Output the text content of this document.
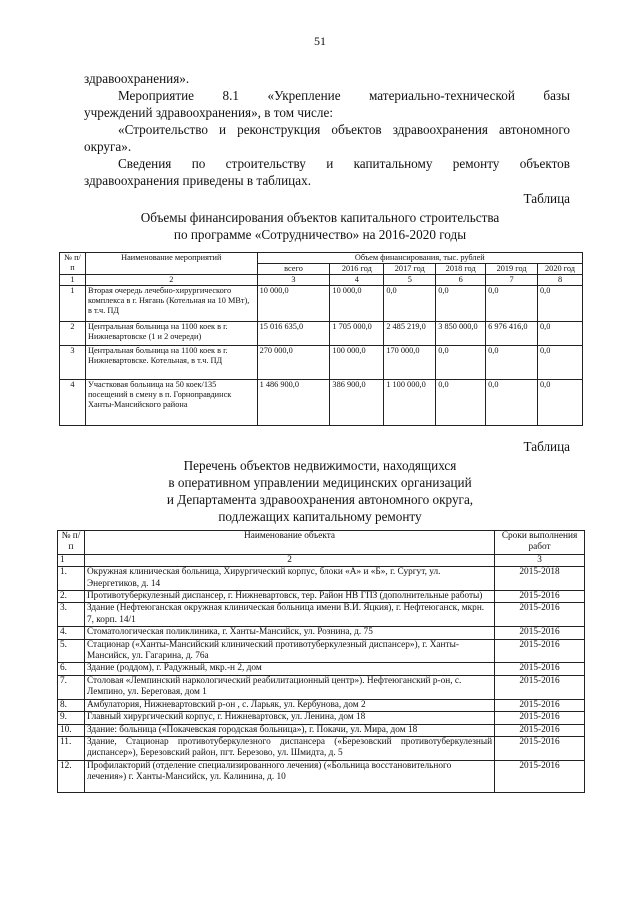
51
здравоохранения».
Мероприятие 8.1 «Укрепление материально-технической базы
учреждений здравоохранения», в том числе:
«Строительство и реконструкция объектов здравоохранения автономного
округа».
Сведения по строительству и капитальному ремонту объектов
здравоохранения приведены в таблицах.
Таблица
Объемы финансирования объектов капитального строительства
по программе «Сотрудничество» на 2016-2020 годы
№ п/п	Наименование мероприятий	Объем финансирования, тыс. рублей					
		всего	2016 год	2017 год	2018 год	2019 год	2020 год
1	2	3	4	5	6	7	8
1	Вторая очередь лечебно-хирургического комплекса в г. Нягань (Котельная на 10 МВт), в т.ч. ПД	10 000,0	10 000,0	0,0	0,0	0,0	0,0
2	Центральная больница на 1100 коек в г. Нижневартовске (1 и 2 очереди)	15 016 635,0	1 705 000,0	2 485 219,0	3 850 000,0	6 976 416,0	0,0
3	Центральная больница на 1100 коек в г. Нижневартовске. Котельная, в т.ч. ПД	270 000,0	100 000,0	170 000,0	0,0	0,0	0,0
4	Участковая больница на 50 коек/135 посещений в смену в п. Горноправдинск Ханты-Мансийского района	1 486 900,0	386 900,0	1 100 000,0	0,0	0,0	0,0
Таблица
Перечень объектов недвижимости, находящихся
в оперативном управлении медицинских организаций
и Департамента здравоохранения автономного округа,
подлежащих капитальному ремонту
№ п/п	Наименование объекта	Сроки выполнения работ
1	2	3
1.	Окружная клиническая больница, Хирургический корпус, блоки «А» и «Б», г. Сургут, ул. Энергетиков, д. 14	2015-2018
2.	Противотуберкулезный диспансер, г. Нижневартовск, тер. Район НВ ГПЗ (дополнительные работы)	2015-2016
3.	Здание (Нефтеюганская окружная клиническая больница имени В.И. Яцкия), г. Нефтеюганск, мкрн. 7, корп. 14/1	2015-2016
4.	Стоматологическая поликлиника, г. Ханты-Мансийск, ул. Рознина, д. 75	2015-2016
5.	Стационар («Ханты-Мансийский клинический противотуберкулезный диспансер»), г. Ханты-Мансийск, ул. Гагарина, д. 76а	2015-2016
6.	Здание (роддом), г. Радужный, мкр.-н 2, дом	2015-2016
7.	Столовая «Лемпинский наркологический реабилитационный центр»). Нефтеюганский р-он, с. Лемпино, ул. Береговая, дом 1	2015-2016
8.	Амбулатория, Нижневартовский р-он , с. Ларьяк, ул. Кербунова, дом 2	2015-2016
9.	Главный хирургический корпус, г. Нижневартовск, ул. Ленина, дом 18	2015-2016
10.	Здание: больница («Покачевская городская больница»), г. Покачи, ул. Мира, дом 18	2015-2016
11.	Здание, Стационар противотуберкулезного диспансера («Березовский противотуберкулезный диспансер»), Березовский район, пгт. Березово, ул. Шмидта, д. 5	2015-2016
12.	Профилакторий (отделение специализированного лечения) («Больница восстановительного лечения») г. Ханты-Мансийск, ул. Калинина, д. 10	2015-2016
